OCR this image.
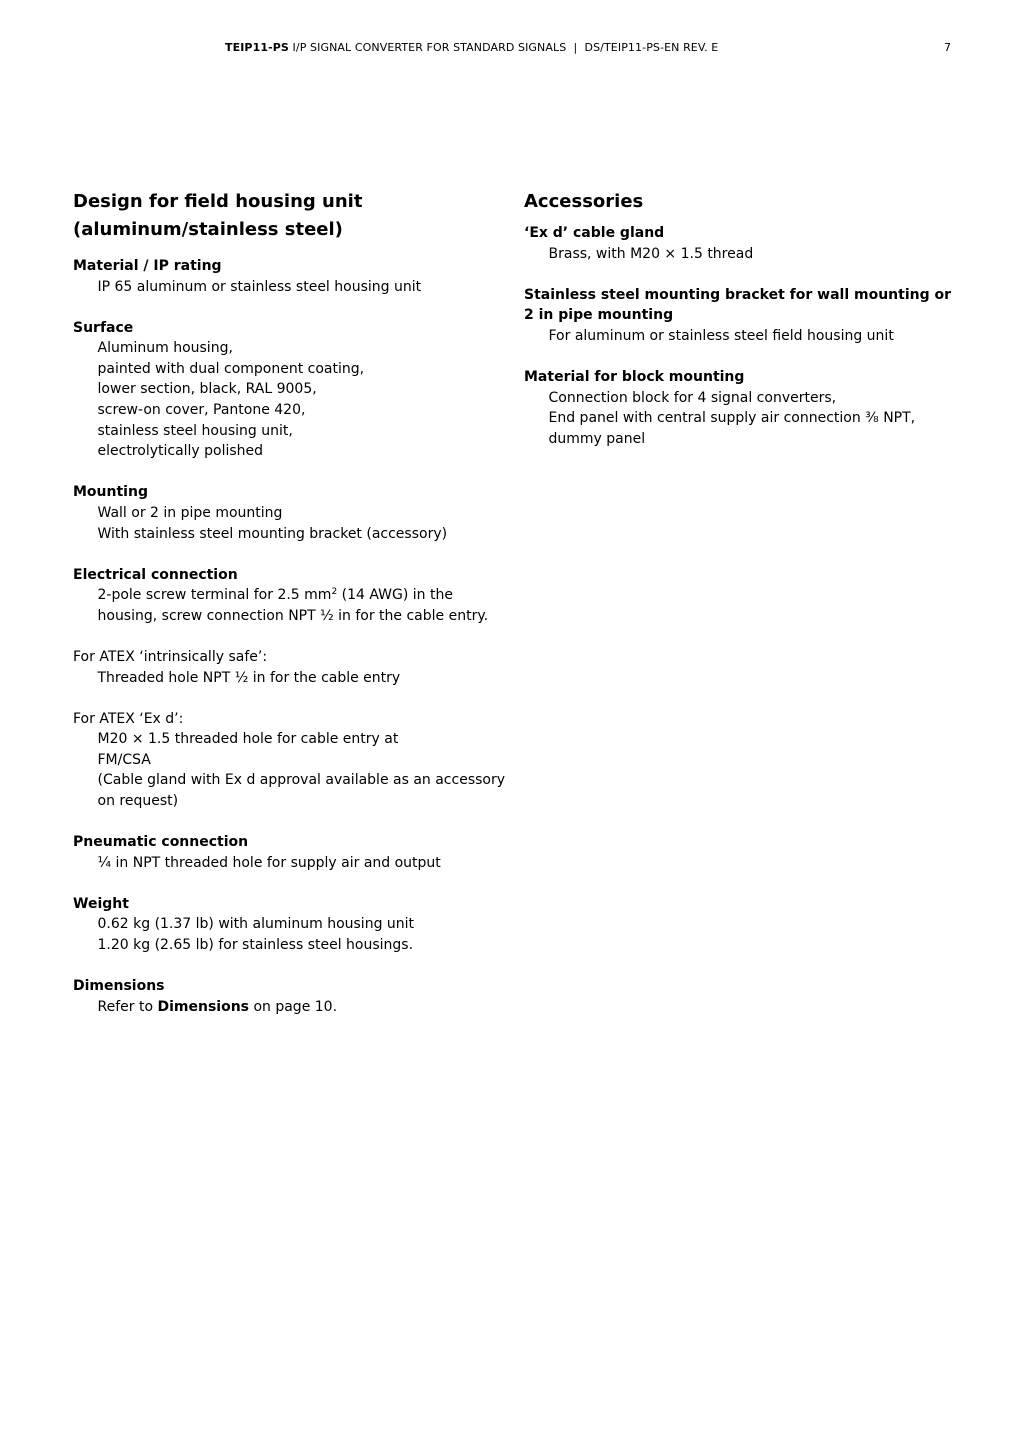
TEIP11-PS I/P SIGNAL CONVERTER FOR STANDARD SIGNALS | DS/TEIP11-PS-EN REV. E	7
Design for field housing unit
(aluminum/stainless steel)
Material / IP rating
IP 65 aluminum or stainless steel housing unit
Surface
Aluminum housing,
painted with dual component coating,
lower section, black, RAL 9005,
screw-on cover, Pantone 420,
stainless steel housing unit,
electrolytically polished
Mounting
Wall or 2 in pipe mounting
With stainless steel mounting bracket (accessory)
Electrical connection
2-pole screw terminal for 2.5 $mm^2$ (14 AWG) in the
housing, screw connection NPT ½ in for the cable entry.
For ATEX ‘intrinsically safe’:
Threaded hole NPT ½ in for the cable entry
For ATEX ‘Ex d’:
M20 × 1.5 threaded hole for cable entry at
FM/CSA
(Cable gland with Ex d approval available as an accessory
on request)
Pneumatic connection
¼ in NPT threaded hole for supply air and output
Weight
0.62 kg (1.37 lb) with aluminum housing unit
1.20 kg (2.65 lb) for stainless steel housings.
Dimensions
Refer to Dimensions on page 10.
Accessories
‘Ex d’ cable gland
Brass, with M20 × 1.5 thread
Stainless steel mounting bracket for wall mounting or
2 in pipe mounting
For aluminum or stainless steel field housing unit
Material for block mounting
Connection block for 4 signal converters,
End panel with central supply air connection ⅜ NPT,
dummy panel
